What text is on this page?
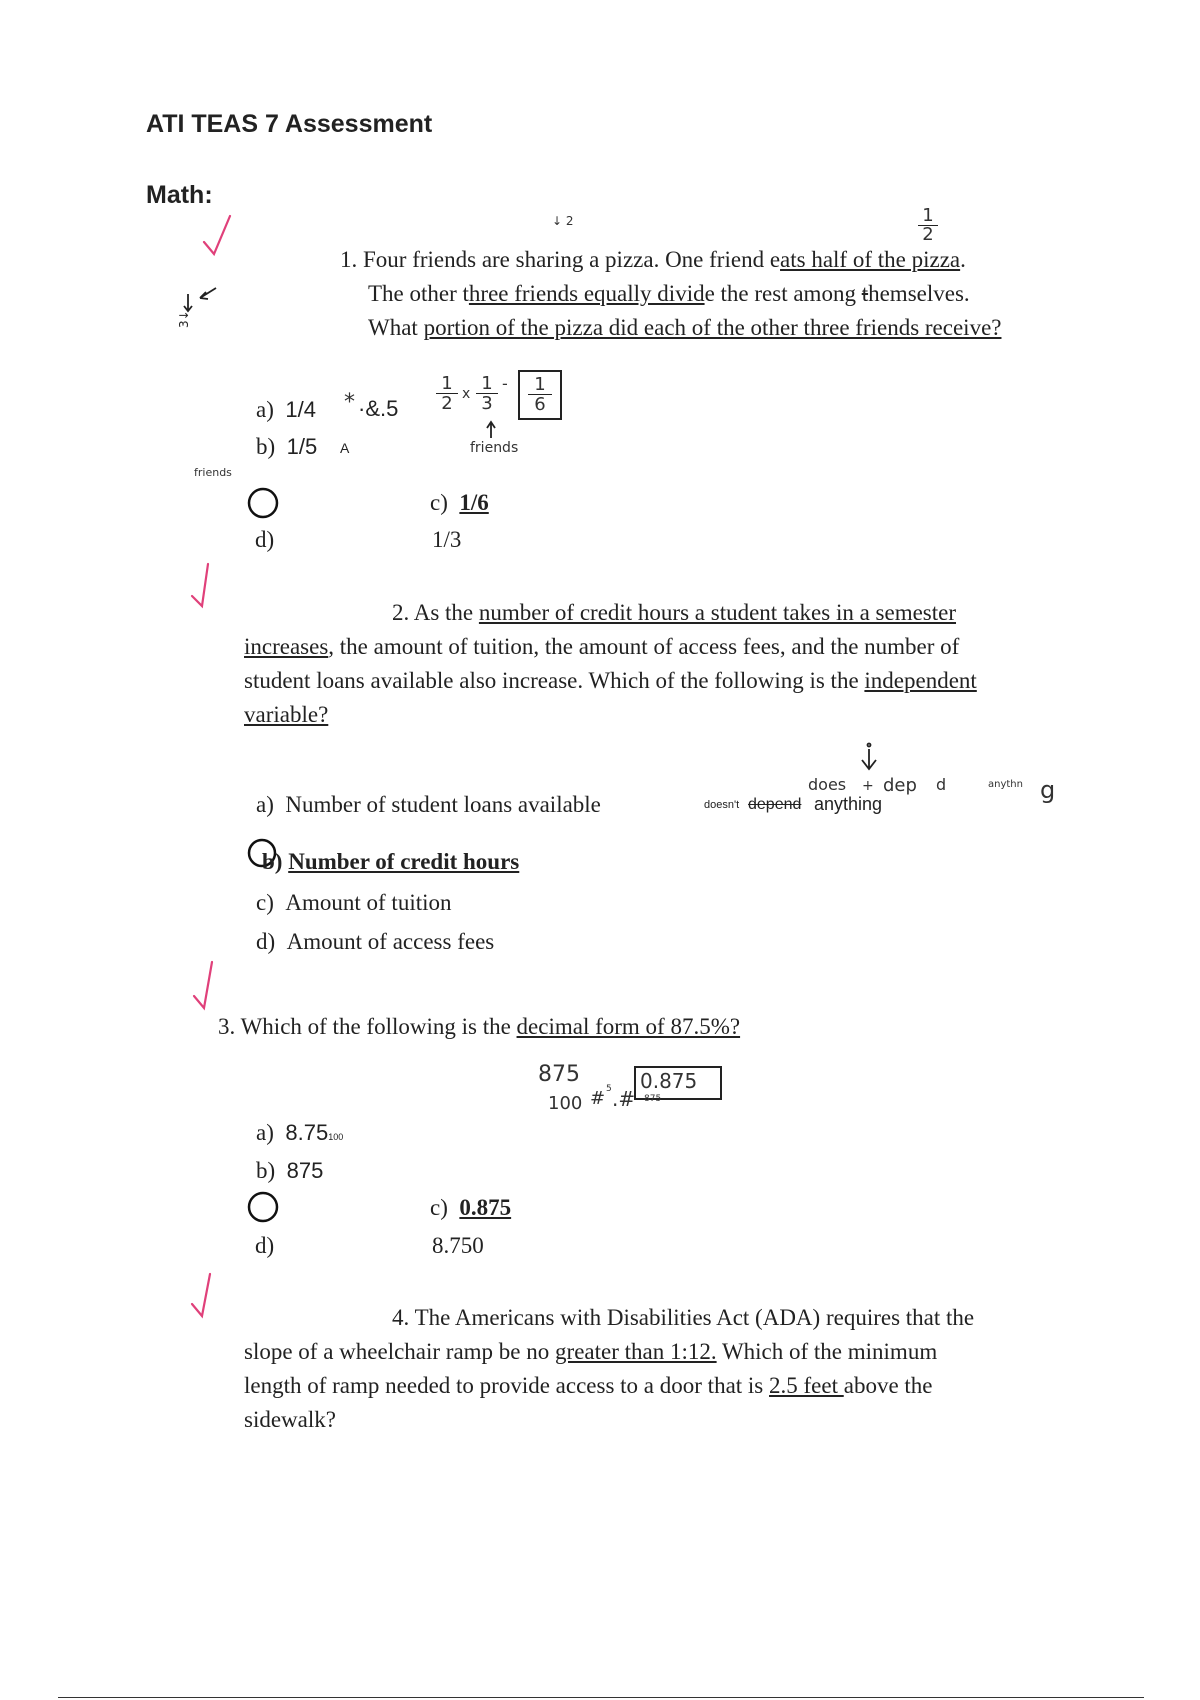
ATI TEAS 7 Assessment
Math:
3↓
↓ 2	1
2
1. Four friends are sharing a pizza. One friend eats half of the pizza.
The other three friends equally divide the rest among themselves.
What portion of the pizza did each of the other three friends receive?
a) 1/4 * ·&.5
1
2 x 1
3
-	1
6
friends
b) 1/5 A
friends
c) 1/6
d)	1/3
2. As the number of credit hours a student takes in a semester
increases, the amount of tuition, the amount of access fees, and the number of
student loans available also increase. Which of the following is the independent
variable?
does + dep d	anythn g
doesn't depend anything
a) Number of student loans available
b) Number of credit hours
c) Amount of tuition
d) Amount of access fees
3. Which of the following is the decimal form of 87.5%?
875
100 # 5 .#
0.875
875
a) 8.75100
b) 875
c) 0.875
d)	8.750
4. The Americans with Disabilities Act (ADA) requires that the
slope of a wheelchair ramp be no greater than 1:12. Which of the minimum
length of ramp needed to provide access to a door that is 2.5 feet above the
sidewalk?
